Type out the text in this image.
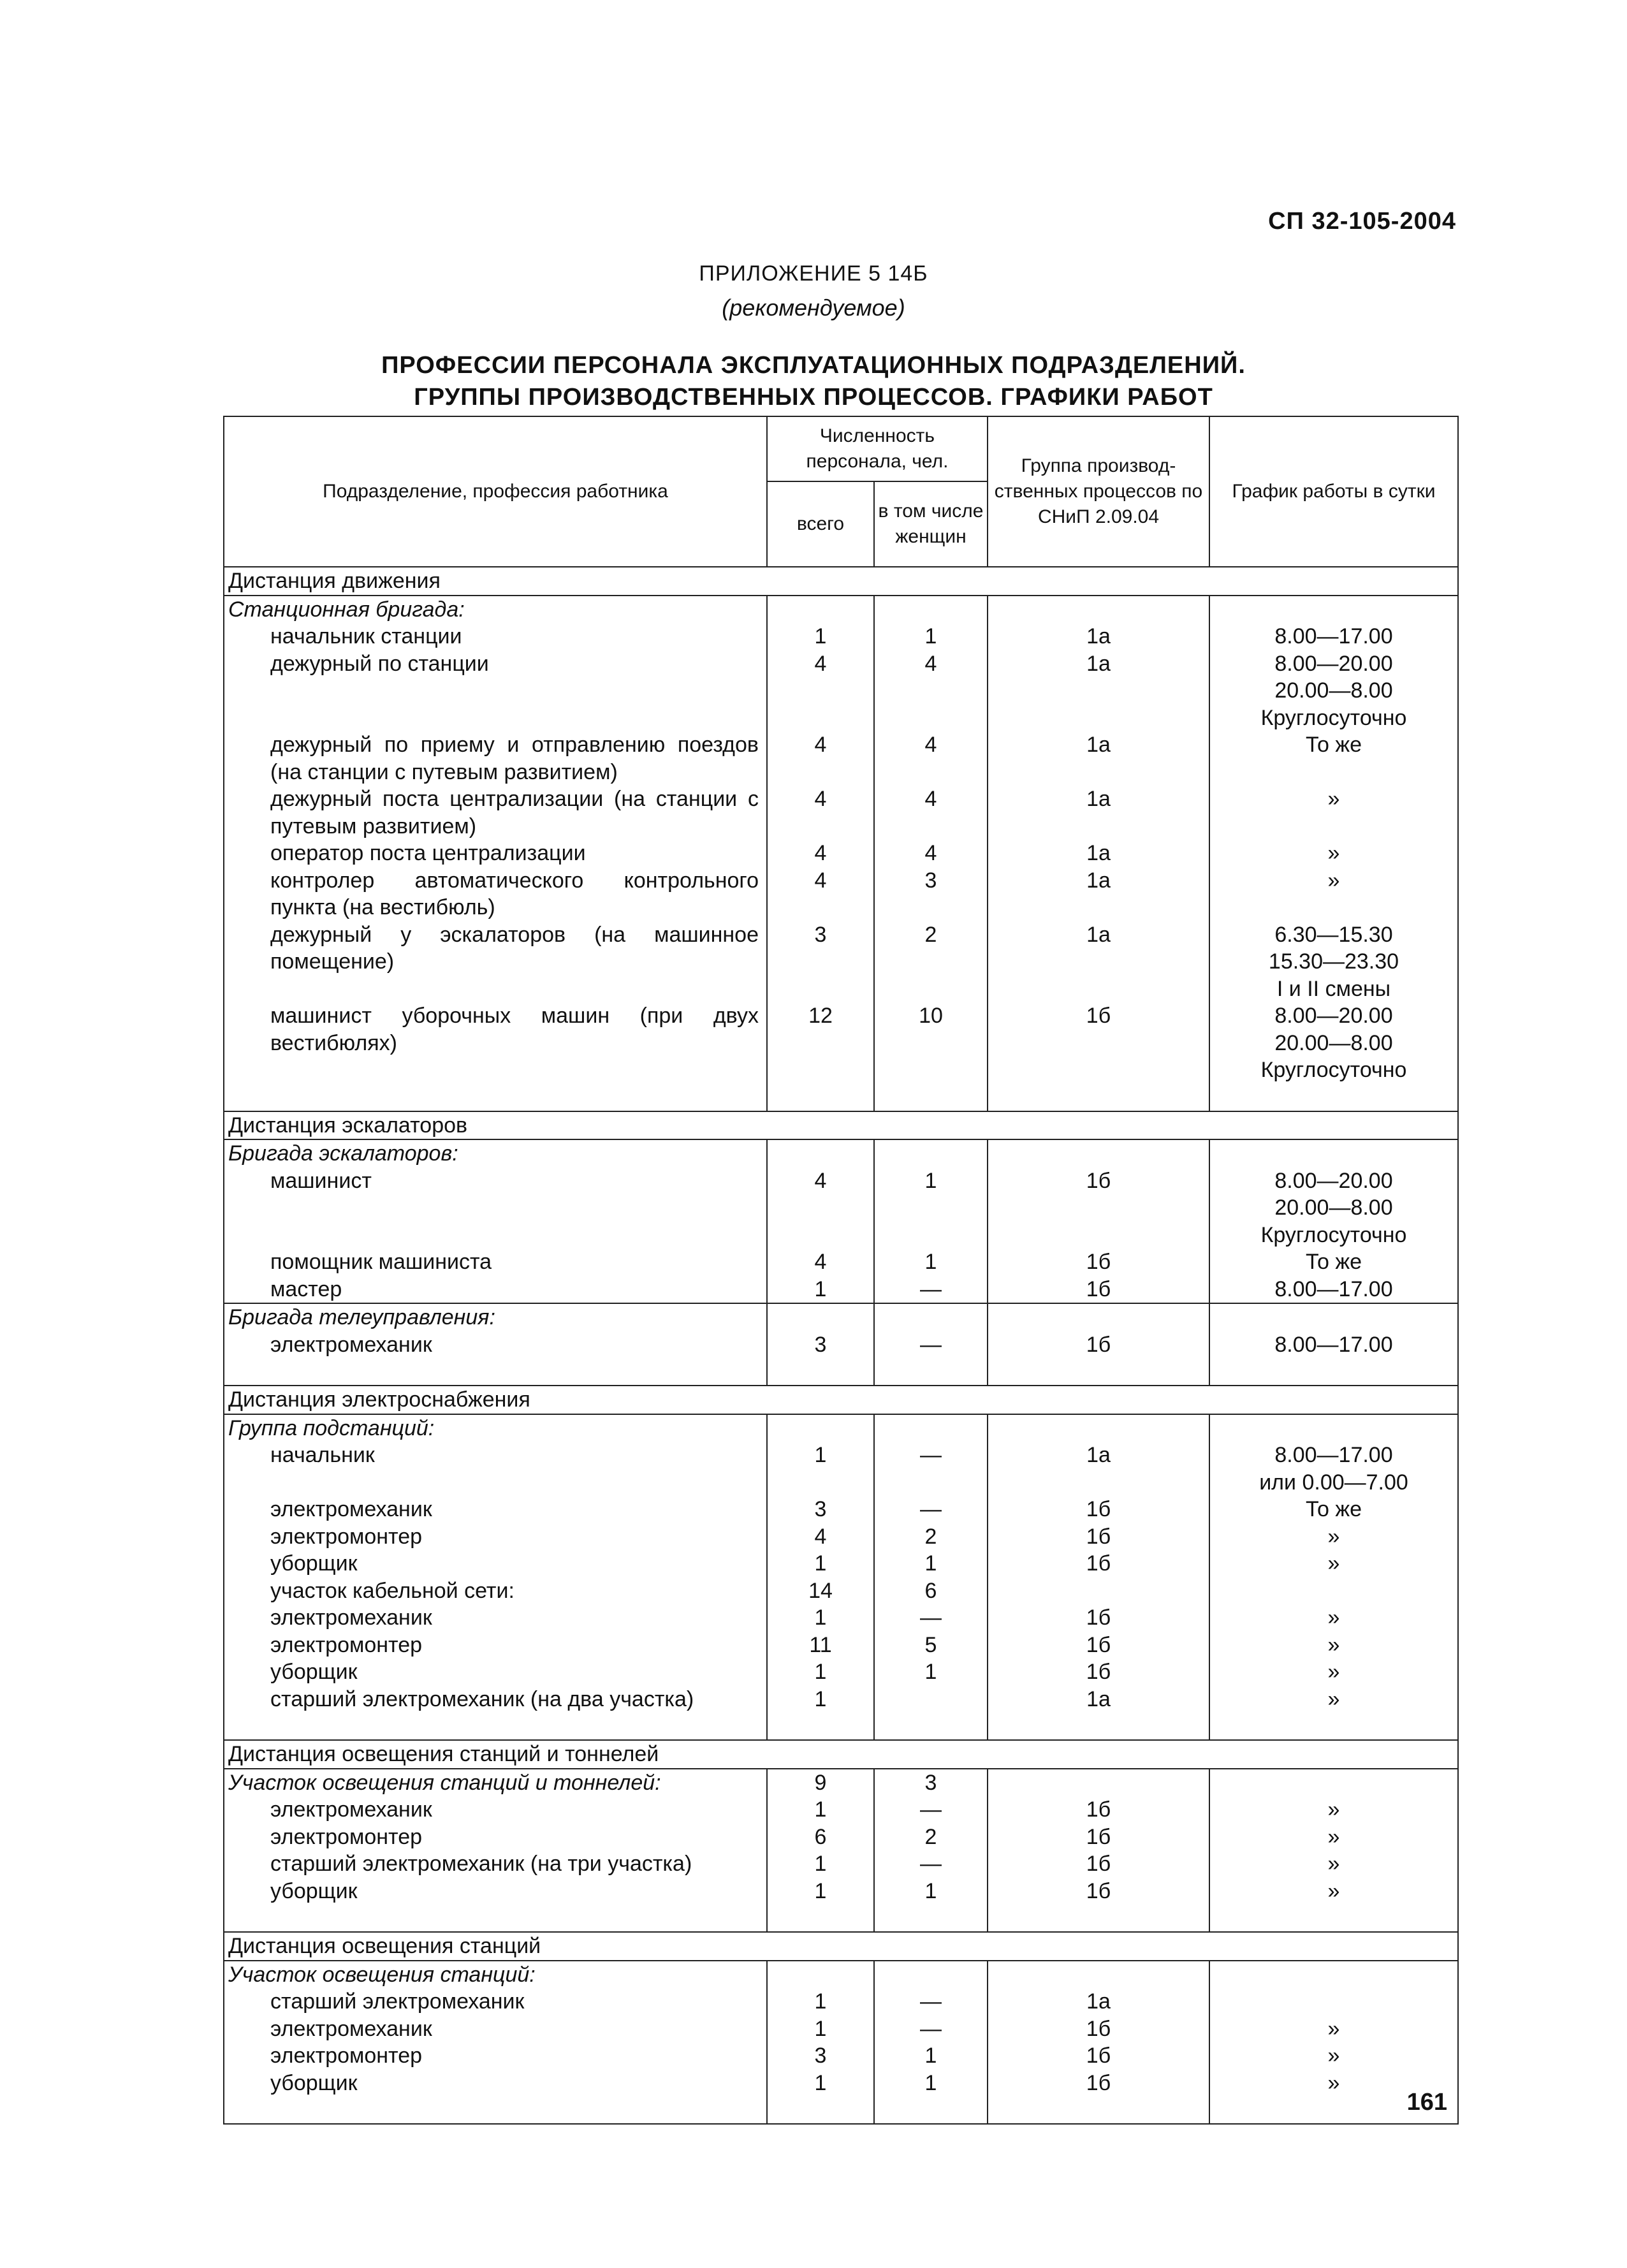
СП 32-105-2004
ПРИЛОЖЕНИЕ 5 14Б
(рекомендуемое)
ПРОФЕССИИ ПЕРСОНАЛА ЭКСПЛУАТАЦИОННЫХ ПОДРАЗДЕЛЕНИЙ.
ГРУППЫ ПРОИЗВОДСТВЕННЫХ ПРОЦЕССОВ. ГРАФИКИ РАБОТ
Подразделение, профессия работника	Численность персонала, чел.		Группа производ-ственных процессов по СНиП 2.09.04	График работы в сутки
	всего	в том числе женщин		
Дистанция движения				
Станционная бригада:				
начальник станции	1	1	1а	8.00—17.00
дежурный по станции	4	4	1а	8.00—20.00
20.00—8.00
Круглосуточно
дежурный по приему и отправлению поездов (на станции с путевым развитием)	4	4	1а	То же
дежурный поста централизации (на станции с путевым развитием)	4	4	1а	»
оператор поста централизации	4	4	1а	»
контролер автоматического контрольного пункта (на вестибюль)	4	3	1а	»
дежурный у эскалаторов (на машинное помещение)	3	2	1а	6.30—15.30
15.30—23.30
I и II смены
машинист уборочных машин (при двух вестибюлях)	12	10	1б	8.00—20.00
20.00—8.00
Круглосуточно

Дистанция эскалаторов				
Бригада эскалаторов:				
машинист	4	1	1б	8.00—20.00
20.00—8.00
Круглосуточно
помощник машиниста	4	1	1б	То же
мастер	1	—	1б	8.00—17.00
Бригада телеуправления:				
электромеханик	3	—	1б	8.00—17.00

Дистанция электроснабжения				
Группа подстанций:				
начальник	1	—	1а	8.00—17.00
или 0.00—7.00
электромеханик	3	—	1б	То же
электромонтер	4	2	1б	»
уборщик	1	1	1б	»
участок кабельной сети:	14	6		
электромеханик	1	—	1б	»
электромонтер	11	5	1б	»
уборщик	1	1	1б	»
старший электромеханик (на два участка)	1		1а	»

Дистанция освещения станций и тоннелей				
Участок освещения станций и тоннелей:	9	3		
электромеханик	1	—	1б	»
электромонтер	6	2	1б	»
старший электромеханик (на три участка)	1	—	1б	»
уборщик	1	1	1б	»

Дистанция освещения станций				
Участок освещения станций:				
старший электромеханик	1	—	1а	
электромеханик	1	—	1б	»
электромонтер	3	1	1б	»
уборщик	1	1	1б	»

161
